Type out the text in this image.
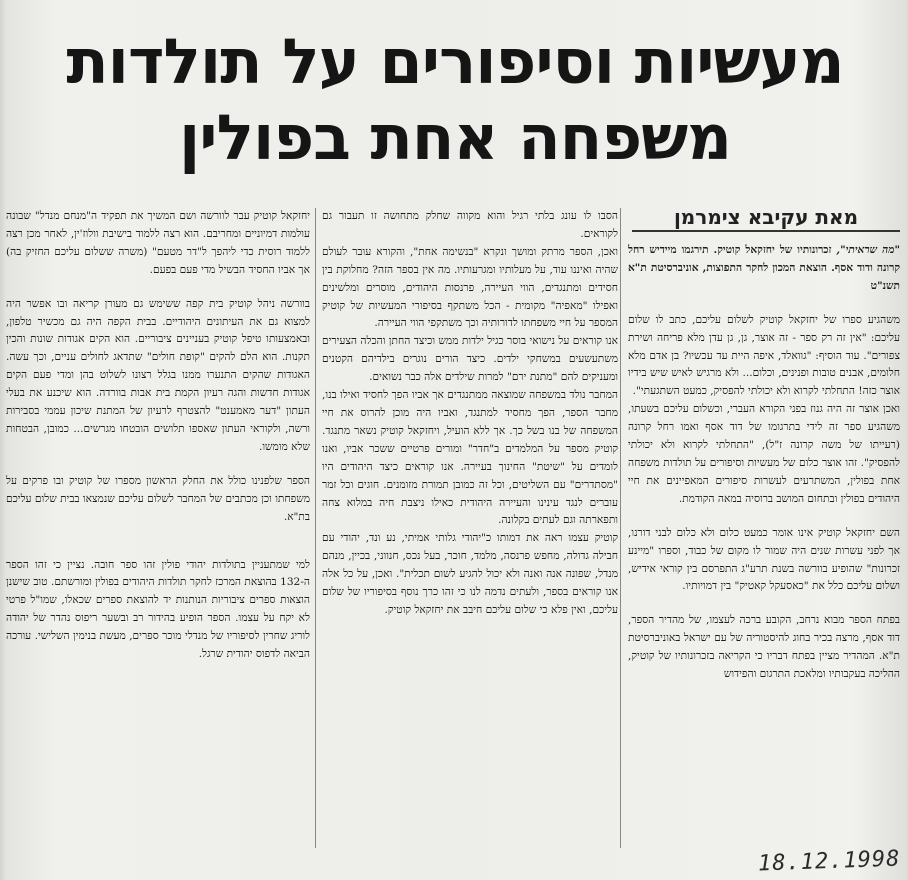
מעשיות וסיפורים על תולדות
משפחה אחת בפולין
מאת עקיבא צימרמן

"מה שראיתי", זכרונותיו של יחזקאל קוטיק. תירגמו מיידיש רחל קרונה ודוד אסף. הוצאת המכון לחקר התפוצות, אוניברסיטת ת"א תשנ"ט

משהגיע ספרו של יחזקאל קוטיק לשלום עליכם, כתב לו שלום עליכם: "אין זה רק ספר - זה אוצר, גן, גן עדן מלא פריחה ושירת צפורים". עוד הוסיף: "גוואלד, איפה היית עד עכשיו? בן אדם מלא חלומים, אבנים טובות ופנינים, וכלום... ולא מרגיש לאיש שיש בידיו אוצר כזה! התחלתי לקרוא ולא יכולתי להפסיק, כמעט השתגעתי".

ואכן אוצר זה היה גנוז בפני הקורא העברי, וכשלום עליכם בשעתו, משהגיע ספר זה לידי בתרגומו של דוד אסף ואמו רחל קרונה (רעייתו של משה קרונה ז"ל), "התחלתי לקרוא ולא יכולתי להפסיק". זהו אוצר כלום של מעשיות וסיפורים על תולדות משפחה אחת בפולין, המשתרעים לעשרות סיפורים המאפיינים את חיי היהודים בפולין ובתחום המושב ברוסיה במאה הקודמת.

השם יחזקאל קוטיק אינו אומר כמעט כלום ולא כלום לבני דורנו, אך לפני עשרות שנים היה שמור לו מקום של כבוד, וספרו "מיינע זכרונות" שהופיע בוורשה בשנת תרע"ג התפרסם בין קוראי אידיש, ושלום עליכם כלל את "כאסעקל קאטיק" בין דמויותיו.

בפתח הספר מבוא נרחב, הקובע ברכה לעצמו, של מהדיר הספר, דוד אסף, מרצה בכיר בחוג להיסטוריה של עם ישראל באוניברסיטת ת"א. המהדיר מציין בפתח דבריו כי הקריאה בזכרונותיו של קוטיק, ההליכה בעקבותיו ומלאכת התרגום והפידוש

הסבו לו עונג בלתי רגיל והוא מקווה שחלק מתחושה זו תעבור גם לקוראים.

ואכן, הספר מרתק ומושך ונקרא "בנשימה אחת", והקורא עובר לעולם שהיה ואיננו עוד, על מעלותיו ומגרעותיו. מה אין בספר הזה? מחלוקת בין חסידים ומתנגדים, הווי העיירה, פרנסות היהודים, מוסרים ומלשינים ואפילו "מאפיה" מקומית - הכל משתקף בסיפורי המעשיות של קוטיק המספר על חיי משפחתו לדורותיה וכך משתקפי הווי העיירה.

אנו קוראים על נישואי בוסר כגיל ילדות ממש וכיצד החתן והכלה הצעירים משתעשעים במשחקי ילדים. כיצד הורים נוגרים בילדיהם הקטנים ומעניקים להם "מתנת ירם" למרות שילדים אלה כבר נשואים.

המחבר נולד במשפחה שמוצאה ממתנגדים אך אביו הפך לחסיד ואילו בנו, מחבר הספר, הפך מחסיד למתנגד, ואביו היה מוכן להרוס את חיי המשפחה של בנו בשל כך. אך ללא הועיל, ויחזקאל קוטיק נשאר מתנגד. קוטיק מספר על המלמדים ב"חדר" ומורים פרטיים ששכר אביו, ואנו לומדים על "שיטת" החינוך בעיירה. אנו קוראים כיצד היהודים היו "מסתדרים" עם השליטים, וכל זה כמובן תמורת מזומנים. חוגים וכל זמר עוברים לנגד עינינו והעיירה היהודית כאילו ניצבת חיה במלוא צחה ותפארתה וגם לעתים בקלונה.

קוטיק עצמו ראה את דמותו כ"יהודי גלותי אמיתי, נע ונד, יהודי עם חבילה גדולה, מחפש פרנסה, מלמד, חוכר, בעל נכס, חנווני, בכיין, מנהם מנדל, שפונה אנה ואנה ולא יכול להגיע לשום תכלית". ואכן, על כל אלה אנו קוראים בספר, ולעתים נדמה לנו כי זהו כרך נוסף בסיפוריו של שלום עליכם, ואין פלא כי שלום עליכם חיבב את יחזקאל קוטיק.

יחזקאל קוטיק עבר לוורשה ושם המשיך את תפקיד ה"מנחם מנדל" שבונה עולמות דמיוניים ומחריבם. הוא רצה ללמוד בישיבת וולוז'ין, לאחר מכן רצה ללמוד רוסית כדי ליהפך ל"דר מטעם" (משרה ששלום עליכם החזיק בה) אך אביו החסיד הבשיל מדי פעם בפעם.

בוורשה ניהל קוטיק בית קפה ששימש גם מעורן קריאה ובו אפשר היה למצוא גם את העיתונים היהודיים. בבית הקפה היה גם מכשיר טלפון, ובאמצעותו טיפל קוטיק בעניינים ציבוריים. הוא הקים אגודות שונות והכין תקנות. הוא הלם להקים "קופת חולים" שתדאג לחולים עניים, וכך עשה. האגודות שהקים התנערו ממנו בגלל רצונו לשלוט בהן ומדי פעם הקים אגודות חדשות והגה רעיון הקמת בית אבות בוורדה. הוא שיכנע את בעלי העתון "דער מאמענט" להצטרף לרעיון של המתנת שיכון עממי בסבירות ורשה, ולקוראי העתון שאספו תלושים הובטחו מגרשים... כמובן, הבטחות שלא מומשו.

הספר שלפנינו כולל את החלק הראשון מספרו של קוטיק ובו פרקים על משפחתו וכן מכתבים של המחבר לשלום עליכם שנמצאו בבית שלום עליכם בת"א.

למי שמתעניין בתולדות יהודי פולין זהו ספר חובה. נציין כי זהו הספר ה-132 בהוצאת המרכז לחקר תולדות היהודים בפולין ומורשתם. טוב שישנן הוצאות ספרים ציבוריות הנותנות יד להוצאת ספרים שכאלו, שמו"ל פרטי לא יקח על עצמו. הספר הופיע בהידור רב ובשער ריפוס נהדר של יהודה לוריג שחרין לסיפוריו של מנדלי מוכר ספרים, מעשת בנימין השלישי. עורכה הביאה לדפוס יהודית שרגל.

18.12.1998
